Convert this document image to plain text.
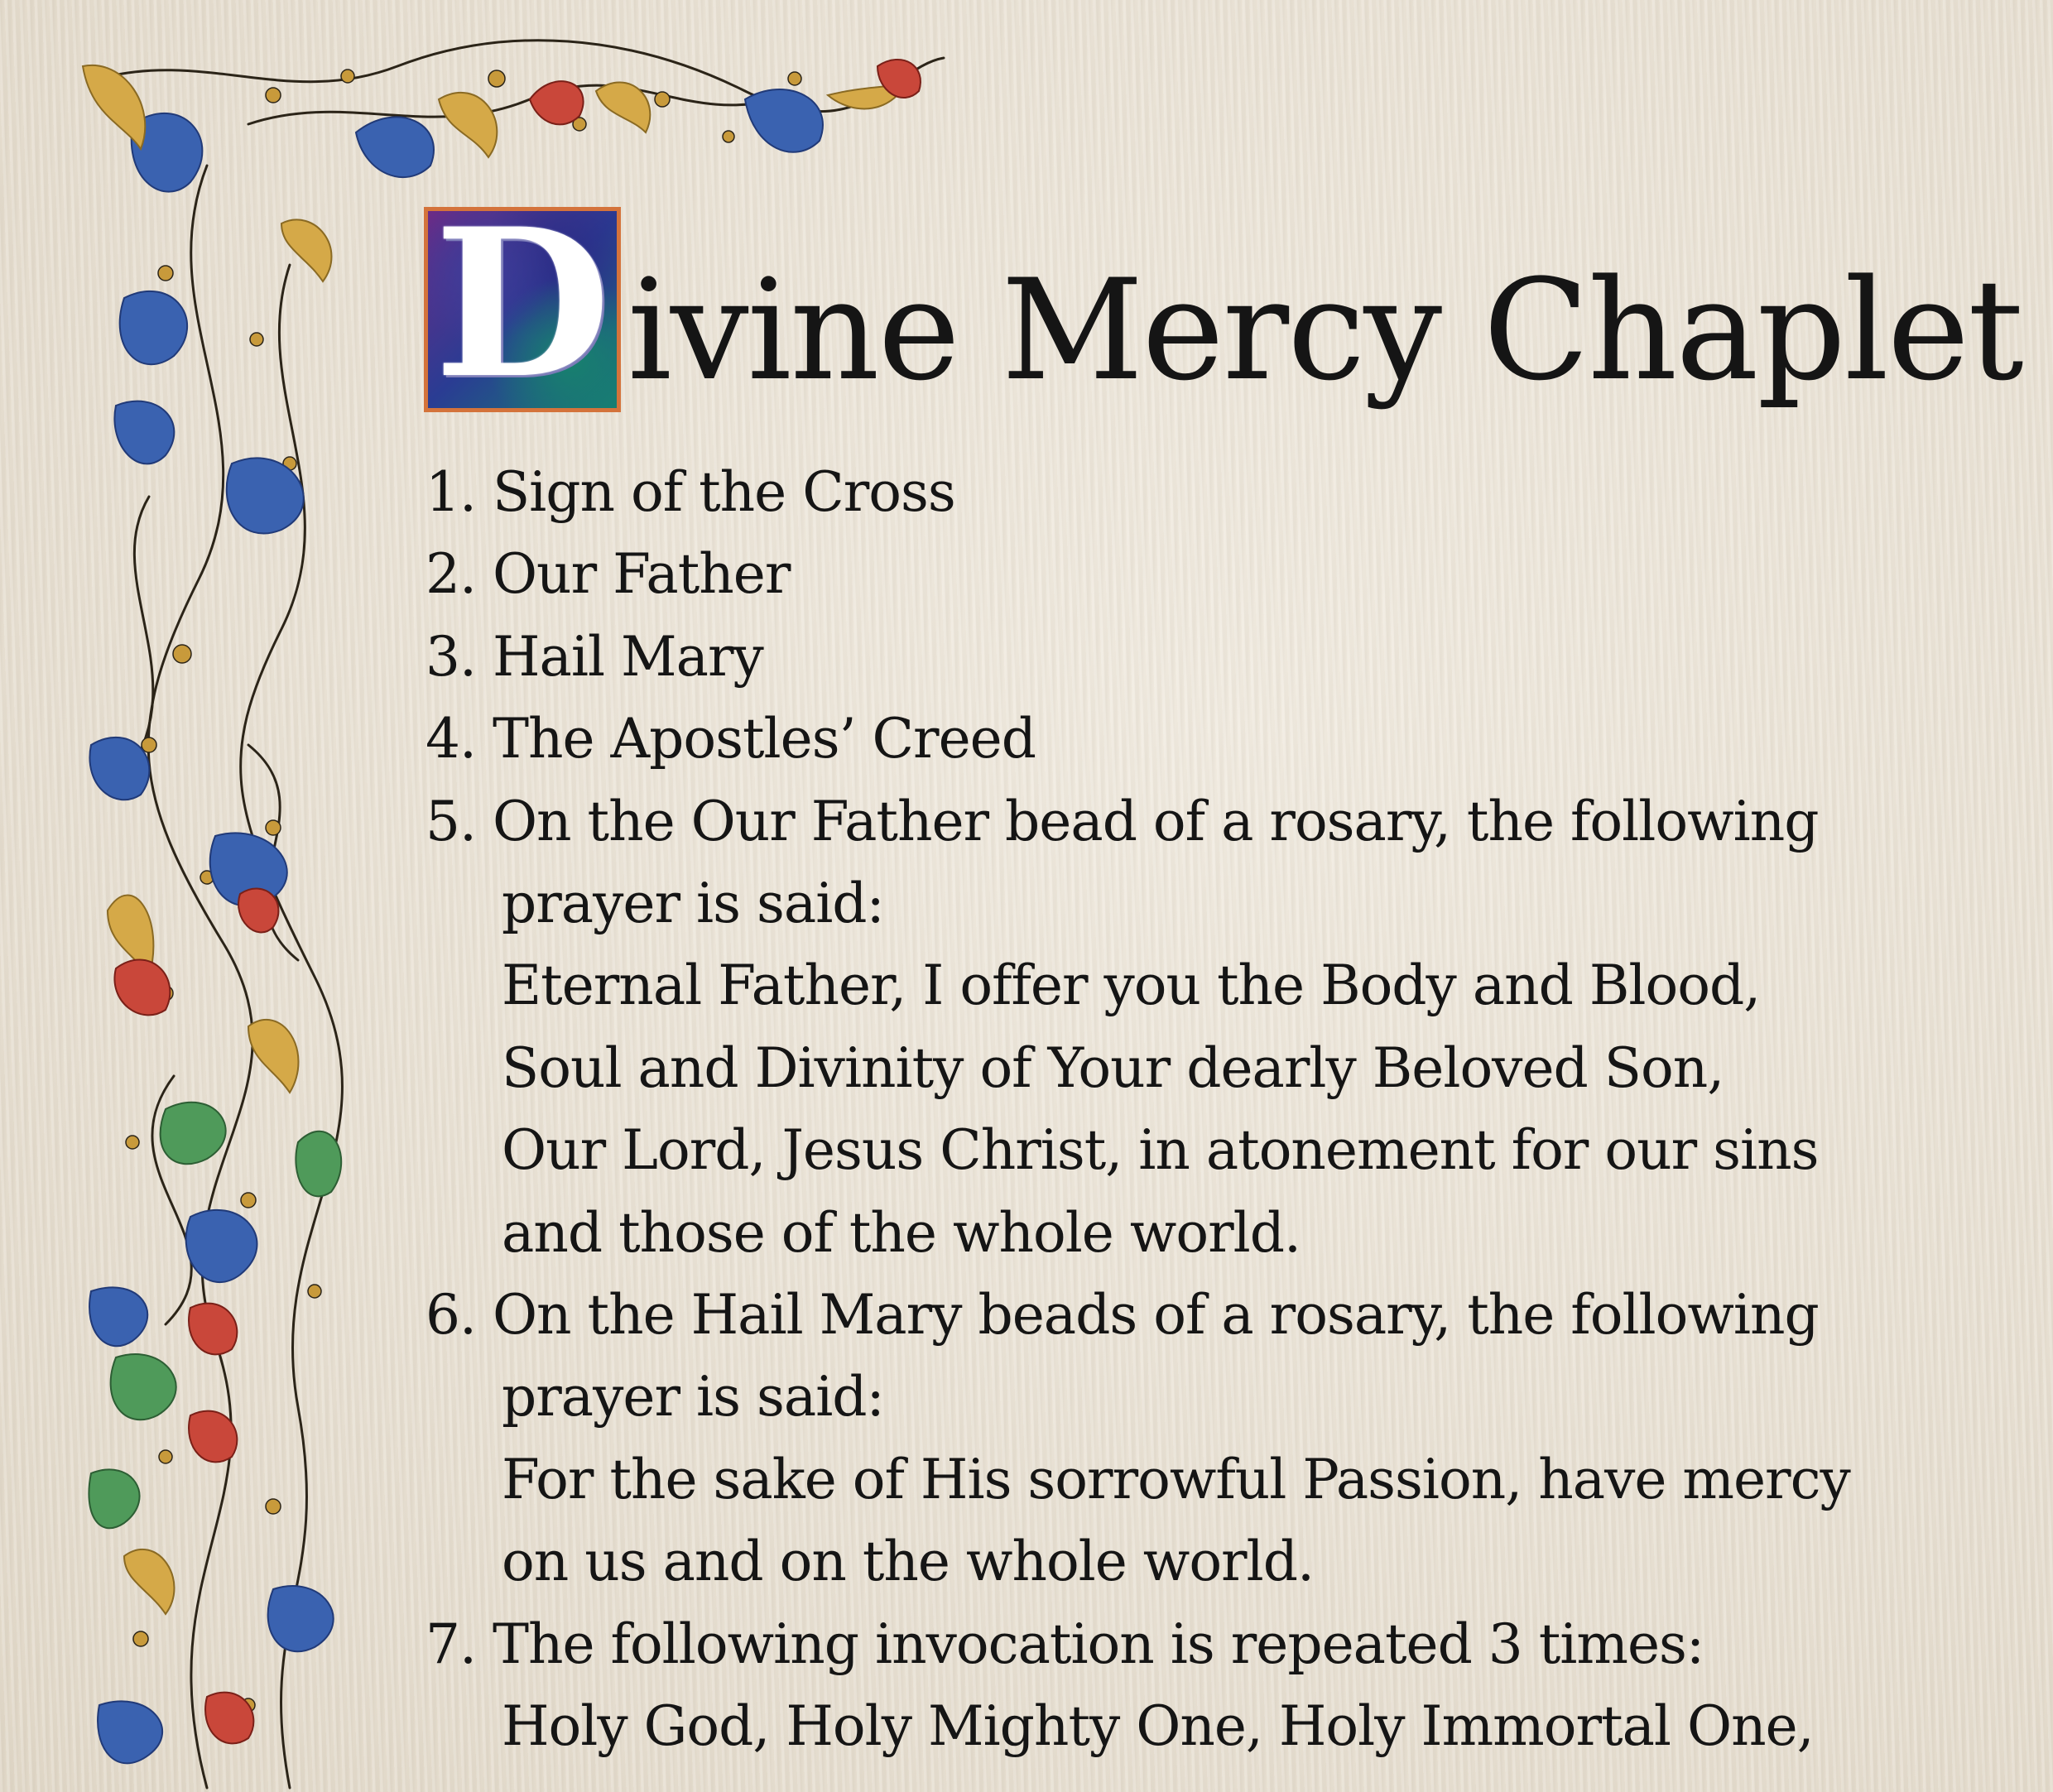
D ivine Mercy Chaplet
1. Sign of the Cross
2. Our Father
3. Hail Mary
4. The Apostles’ Creed
5. On the Our Father bead of a rosary, the following
prayer is said:
Eternal Father, I offer you the Body and Blood,
Soul and Divinity of Your dearly Beloved Son,
Our Lord, Jesus Christ, in atonement for our sins
and those of the whole world.
6. On the Hail Mary beads of a rosary, the following
prayer is said:
For the sake of His sorrowful Passion, have mercy
on us and on the whole world.
7. The following invocation is repeated 3 times:
Holy God, Holy Mighty One, Holy Immortal One,
